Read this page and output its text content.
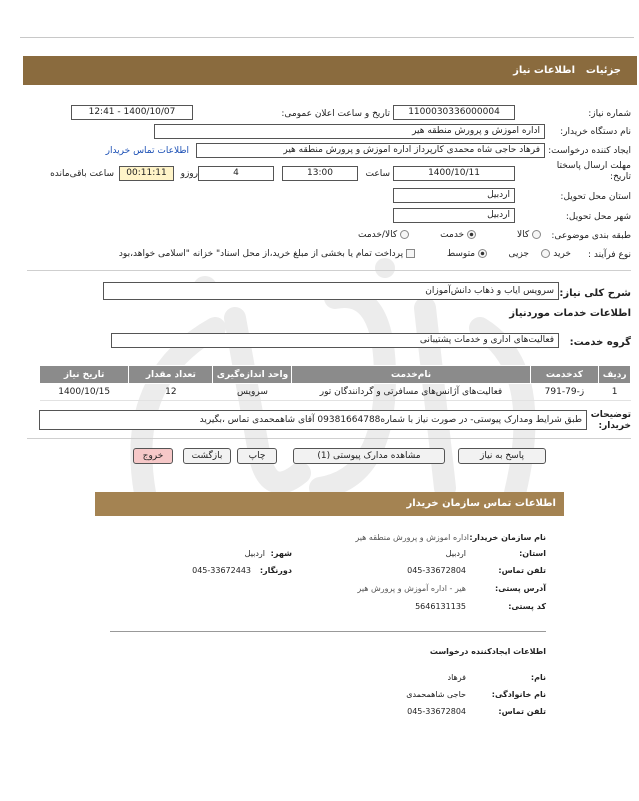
جزئیات
اطلاعات نیاز
شماره نیاز:
1100030336000004
تاریخ و ساعت اعلان عمومی:
1400/10/07 - 12:41
نام دستگاه خریدار:
اداره اموزش و پرورش منطقه هیر
ایجاد کننده درخواست:
فرهاد حاجی شاه محمدی کارپرداز اداره اموزش و پرورش منطقه هیر
اطلاعات تماس خریدار
مهلت ارسال پاسختا تاریخ:
1400/10/11
ساعت
13:00
4
روزو
00:11:11
ساعت باقی‌مانده
استان محل تحویل:
اردبیل
شهر محل تحویل:
اردبیل
طبقه بندی موضوعی:
کالا
خدمت
کالا/خدمت
نوع فرآیند :
خرید
جزیی
متوسط
پرداخت تمام یا بخشی از مبلغ خرید،از محل اسناد" خزانه "اسلامی خواهد،بود
شرح کلی نیاز:
سرویس ایاب و ذهاب دانش‌آموزان
اطلاعات خدمات موردنیاز
گروه خدمت:
فعالیت‌های اداری و خدمات پشتیبانی
ردیف	کدخدمت	نام‌خدمت	واحد اندازه‌گیری	تعداد مقدار	تاریخ نیاز
1	ز-79-791	فعالیت‌های آژانس‌های مسافرتی و گردانندگان تور	سرویس	12	1400/10/15
توضیحات خریدار:
طبق شرایط ومدارک پیوستی- در صورت نیاز با شماره09381664788 آقای شاهمحمدی تماس ،بگیرید
پاسخ به نیاز
مشاهده مدارک پیوستی (1)
چاپ
بازگشت
خروج
اطلاعات تماس سازمان خریدار
نام سازمان خریدار:
اداره اموزش و پرورش منطقه هیر
استان:
اردبیل
شهر:
اردبیل
تلفن تماس:
045-33672804
دورنگار:
045-33672443
آدرس پستی:
هیر - اداره آموزش و پرورش هیر
کد پستی:
5646131135
اطلاعات ایجادکننده درخواست
نام:
فرهاد
نام خانوادگی:
حاجی شاهمحمدی
تلفن تماس:
045-33672804
